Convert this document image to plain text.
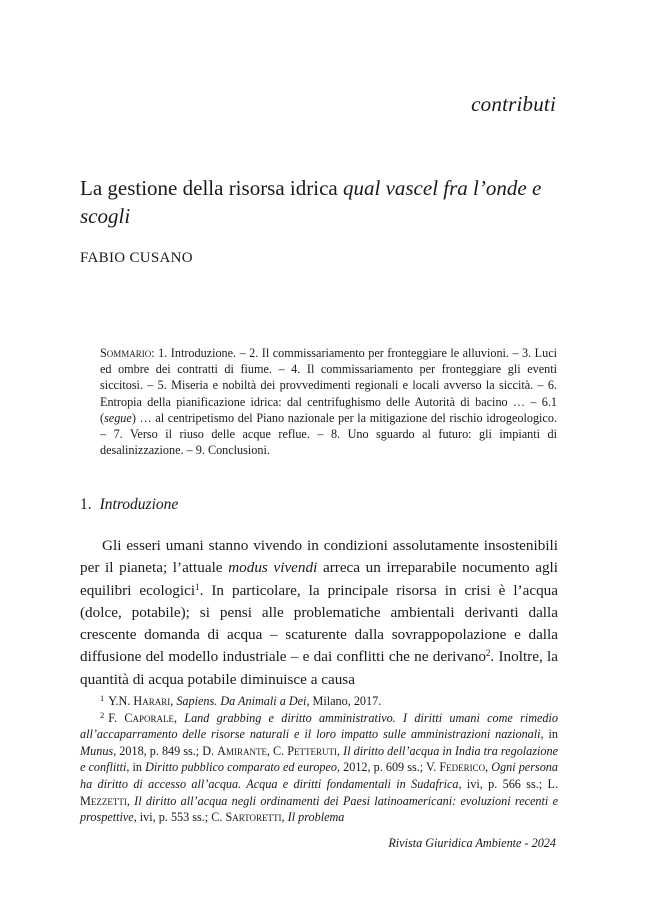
contributi
La gestione della risorsa idrica qual vascel fra l’onde e scogli
FABIO CUSANO

Sommario: 1. Introduzione. – 2. Il commissariamento per fronteggiare le alluvioni. – 3. Luci ed ombre dei contratti di fiume. – 4. Il commissariamento per fronteggiare gli eventi siccitosi. – 5. Miseria e nobiltà dei provvedimenti regionali e locali avverso la siccità. – 6. Entropia della pianificazione idrica: dal centrifughismo delle Autorità di bacino … – 6.1 (segue) … al centripetismo del Piano nazionale per la mitigazione del rischio idrogeologico. – 7. Verso il riuso delle acque reflue. – 8. Uno sguardo al futuro: gli impianti di desalinizzazione. – 9. Conclusioni.

1. Introduzione

Gli esseri umani stanno vivendo in condizioni assolutamente insostenibili per il pianeta; l’attuale modus vivendi arreca un irreparabile nocumento agli equilibri ecologici$^1$. In particolare, la principale risorsa in crisi è l’acqua (dolce, potabile); si pensi alle problematiche ambientali derivanti dalla crescente domanda di acqua – scaturente dalla sovrappopolazione e dalla diffusione del modello industriale – e dai conflitti che ne derivano$^2$. Inoltre, la quantità di acqua potabile diminuisce a causa

$^1$ Y.N. Harari, Sapiens. Da Animali a Dei, Milano, 2017.

$^2$ F. Caporale, Land grabbing e diritto amministrativo. I diritti umani come rimedio all’accaparramento delle risorse naturali e il loro impatto sulle amministrazioni nazionali, in Munus, 2018, p. 849 ss.; D. Amirante, C. Petteruti, Il diritto dell’acqua in India tra regolazione e conflitti, in Diritto pubblico comparato ed europeo, 2012, p. 609 ss.; V. Federico, Ogni persona ha diritto di accesso all’acqua. Acqua e diritti fondamentali in Sudafrica, ivi, p. 566 ss.; L. Mezzetti, Il diritto all’acqua negli ordinamenti dei Paesi latinoamericani: evoluzioni recenti e prospettive, ivi, p. 553 ss.; C. Sartoretti, Il problema

Rivista Giuridica Ambiente - 2024
